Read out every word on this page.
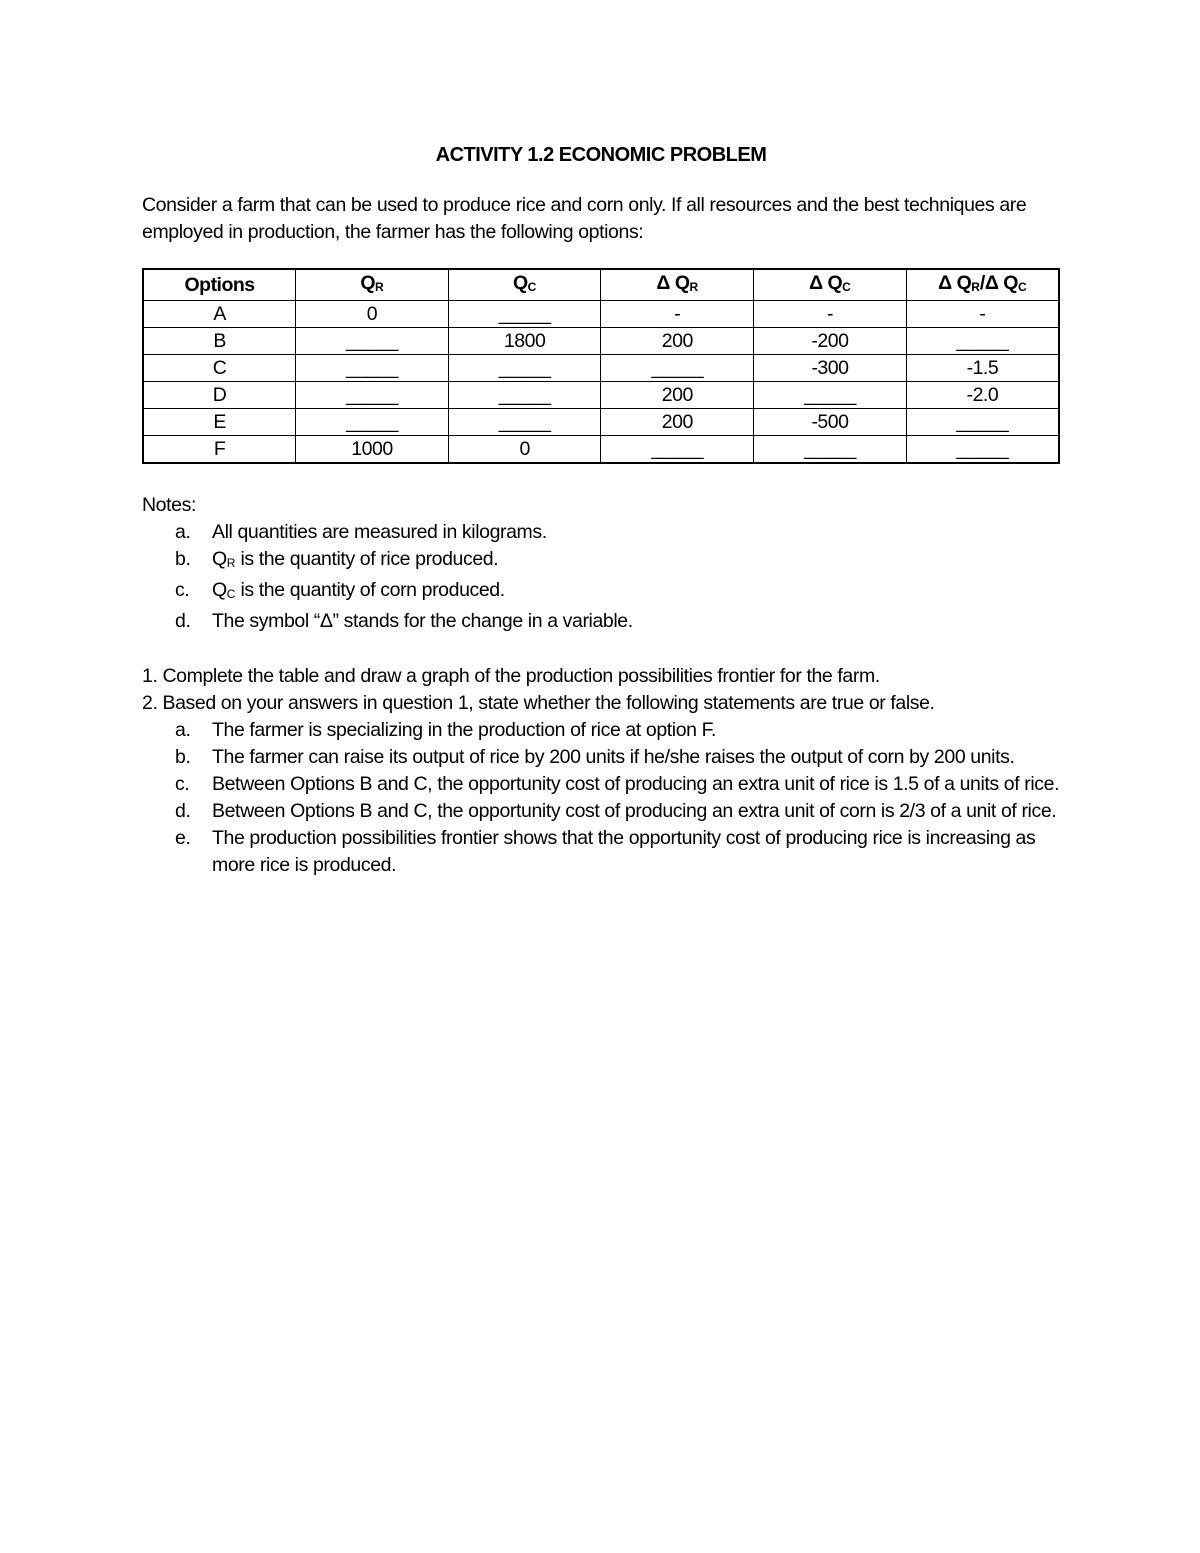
ACTIVITY 1.2 ECONOMIC PROBLEM
Consider a farm that can be used to produce rice and corn only. If all resources and the best techniques are employed in production, the farmer has the following options:
Options	$Q_R$	$Q_C$	Δ $Q_R$	Δ $Q_C$	Δ $Q_R/\Delta$ $Q_C$
A	0	_____	-	-	-
B	_____	1800	200	-200	_____
C	_____	_____	_____	-300	-1.5
D	_____	_____	200	_____	-2.0
E	_____	_____	200	-500	_____
F	1000	0	_____	_____	_____
Notes:
a. All quantities are measured in kilograms.
b. $Q_R$ is the quantity of rice produced.
c. $Q_C$ is the quantity of corn produced.
d. The symbol “Δ” stands for the change in a variable.
1. Complete the table and draw a graph of the production possibilities frontier for the farm.
2. Based on your answers in question 1, state whether the following statements are true or false.
a. The farmer is specializing in the production of rice at option F.
b. The farmer can raise its output of rice by 200 units if he/she raises the output of corn by 200 units.
c. Between Options B and C, the opportunity cost of producing an extra unit of rice is 1.5 of a units of rice.
d. Between Options B and C, the opportunity cost of producing an extra unit of corn is 2/3 of a unit of rice.
e. The production possibilities frontier shows that the opportunity cost of producing rice is increasing as more rice is produced.
